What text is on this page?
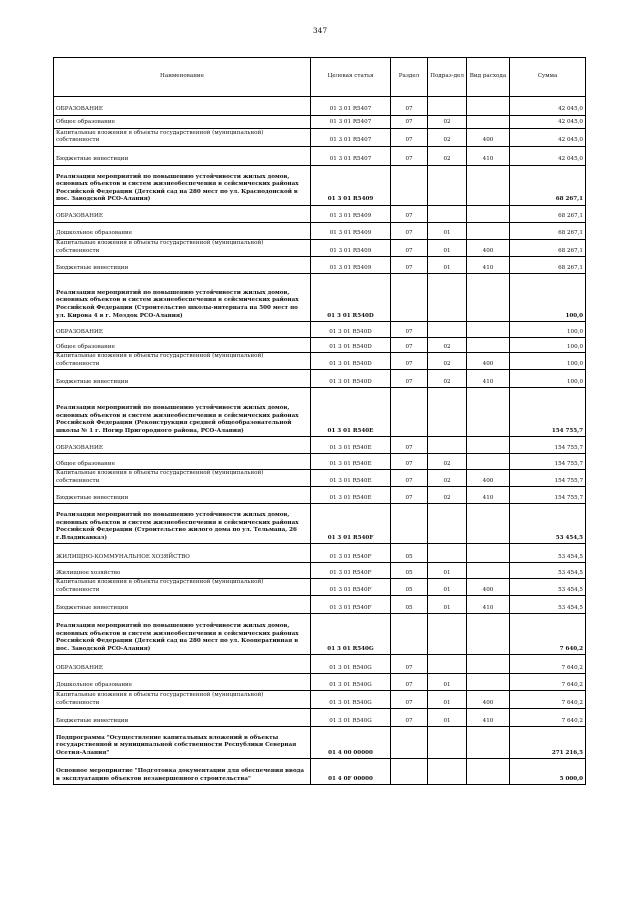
347
Наименование	Целевая статья	Раздел	Подраз-дел	Вид расхода	Сумма
ОБРАЗОВАНИЕ	01 3 01 R5407	07			42 045,0
Общее образование	01 3 01 R5407	07	02		42 045,0
Капитальные вложения в объекты государственной (муниципальной) собственности	01 3 01 R5407	07	02	400	42 045,0
Бюджетные инвестиции	01 3 01 R5407	07	02	410	42 045,0
Реализация мероприятий по повышению устойчивости жилых домов, основных объектов и систем жизнеобеспечения в сейсмических районах Российской Федерации (Детский сад на 280 мест по ул. Краснодонской в пос. Заводской РСО-Алания)	01 3 01 R5409				68 267,1
ОБРАЗОВАНИЕ	01 3 01 R5409	07			68 267,1
Дошкольное образование	01 3 01 R5409	07	01		68 267,1
Капитальные вложения в объекты государственной (муниципальной) собственности	01 3 01 R5409	07	01	400	68 267,1
Бюджетные инвестиции	01 3 01 R5409	07	01	410	68 267,1
Реализация мероприятий по повышению устойчивости жилых домов, основных объектов и систем жизнеобеспечения в сейсмических районах Российской Федерации (Строительство школы-интерната на 500 мест по ул. Кирова 4 в г. Моздок РСО-Алания)	01 3 01 R540D				100,0
ОБРАЗОВАНИЕ	01 3 01 R540D	07			100,0
Общее образование	01 3 01 R540D	07	02		100,0
Капитальные вложения в объекты государственной (муниципальной) собственности	01 3 01 R540D	07	02	400	100,0
Бюджетные инвестиции	01 3 01 R540D	07	02	410	100,0
Реализация мероприятий по повышению устойчивости жилых домов, основных объектов и систем жизнеобеспечения в сейсмических районах Российской Федерации (Реконструкция средней общеобразовательной школы № 1 г. Ногир Пригородного района, РСО-Алания)	01 3 01 R540E				154 755,7
ОБРАЗОВАНИЕ	01 3 01 R540E	07			154 755,7
Общее образование	01 3 01 R540E	07	02		154 755,7
Капитальные вложения в объекты государственной (муниципальной) собственности	01 3 01 R540E	07	02	400	154 755,7
Бюджетные инвестиции	01 3 01 R540E	07	02	410	154 755,7
Реализация мероприятий по повышению устойчивости жилых домов, основных объектов и систем жизнеобеспечения в сейсмических районах Российской Федерации (Строительство жилого дома по ул. Тельмана, 26 г.Владикавказ)	01 3 01 R540F				53 454,5
ЖИЛИЩНО-КОММУНАЛЬНОЕ ХОЗЯЙСТВО	01 3 01 R540F	05			53 454,5
Жилищное хозяйство	01 3 01 R540F	05	01		53 454,5
Капитальные вложения в объекты государственной (муниципальной) собственности	01 3 01 R540F	05	01	400	53 454,5
Бюджетные инвестиции	01 3 01 R540F	05	01	410	53 454,5
Реализация мероприятий по повышению устойчивости жилых домов, основных объектов и систем жизнеобеспечения в сейсмических районах Российской Федерации (Детский сад на 280 мест по ул. Кооперативная в пос. Заводской РСО-Алания)	01 3 01 R540G				7 640,2
ОБРАЗОВАНИЕ	01 3 01 R540G	07			7 640,2
Дошкольное образование	01 3 01 R540G	07	01		7 640,2
Капитальные вложения в объекты государственной (муниципальной) собственности	01 3 01 R540G	07	01	400	7 640,2
Бюджетные инвестиции	01 3 01 R540G	07	01	410	7 640,2
Подпрограмма "Осуществление капитальных вложений в объекты государственной и муниципальной собственности Республики Северная Осетия-Алания"	01 4 00 00000				271 216,5
Основное мероприятие "Подготовка документации для обеспечения ввода в эксплуатацию объектов незавершенного строительства"	01 4 0F 00000				5 000,0
